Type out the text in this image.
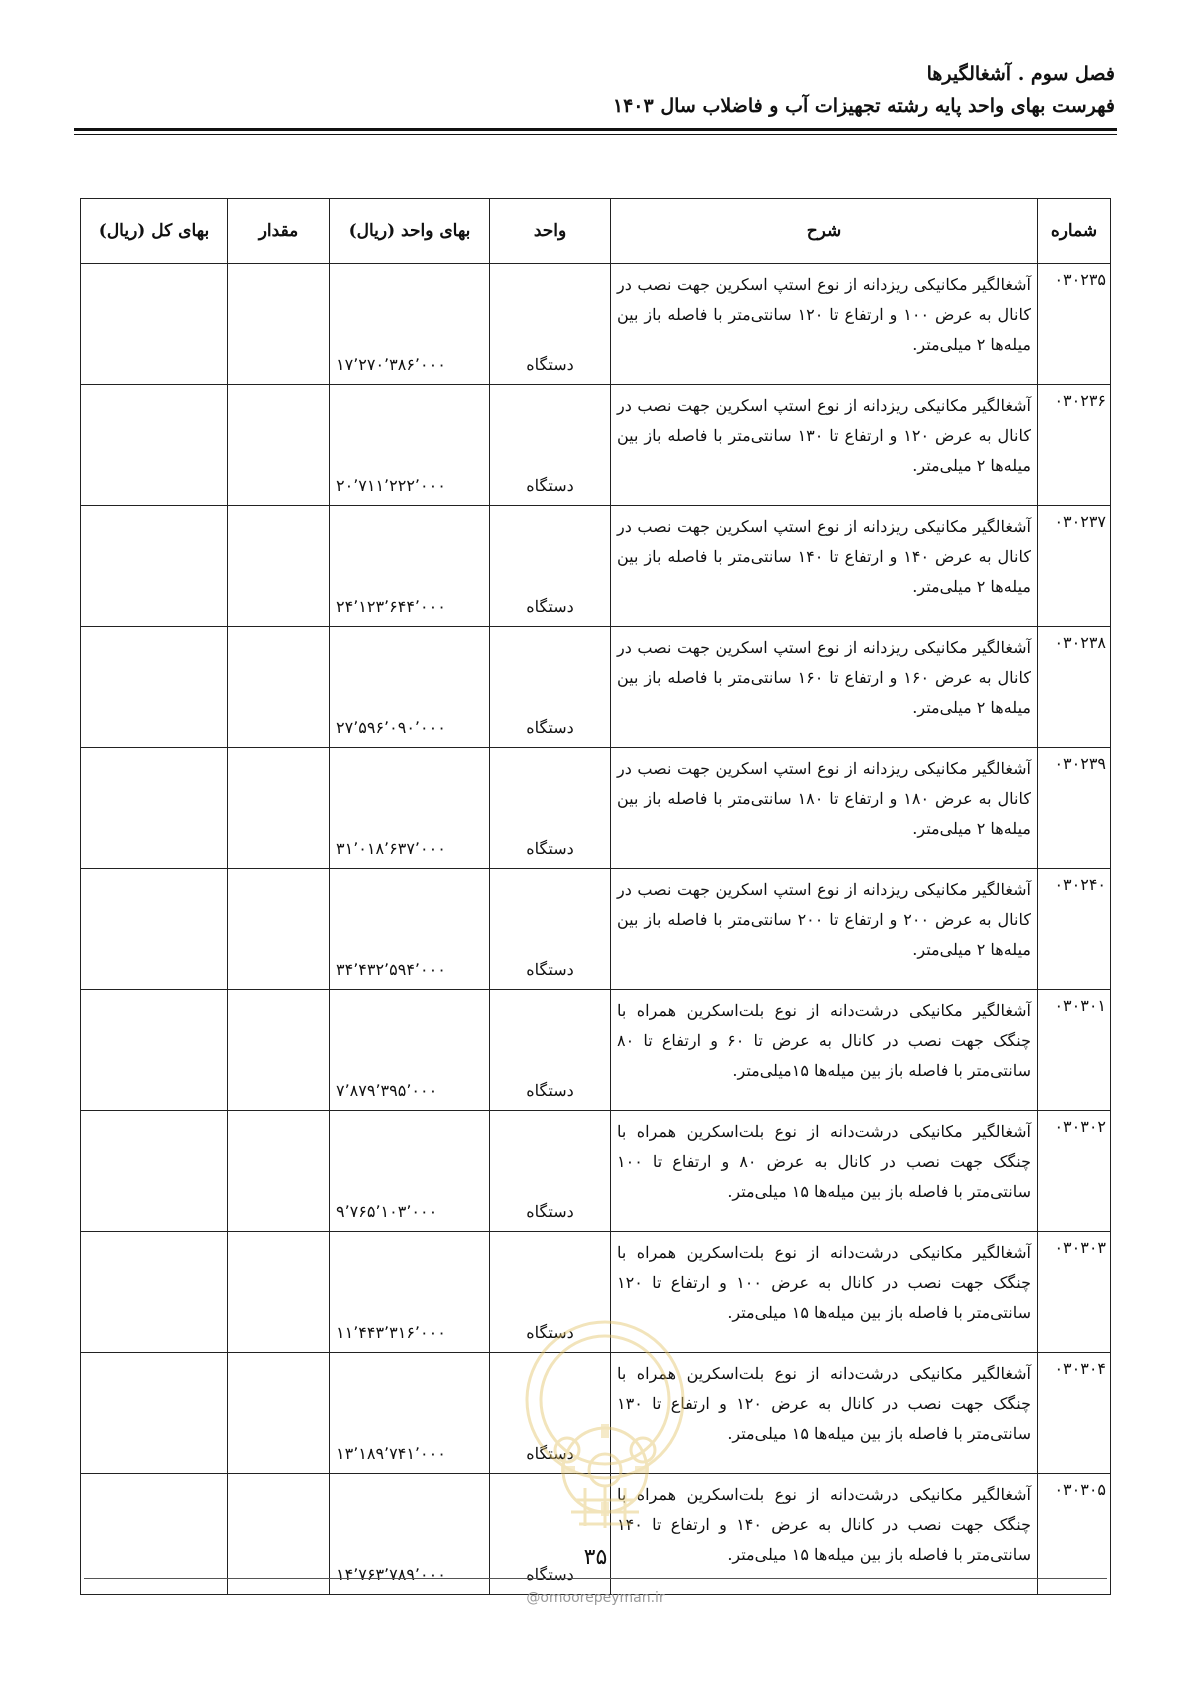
فصل سوم . آشغالگیرها
فهرست بهای واحد پایه رشته تجهیزات آب و فاضلاب سال ۱۴۰۳
شماره	شرح	واحد	بهای واحد (ریال)	مقدار	بهای کل (ریال)
۰۳۰۲۳۵	آشغالگیر مکانیکی ریزدانه از نوع استپ اسکرین جهت نصب در کانال به عرض ۱۰۰ و ارتفاع تا ۱۲۰ سانتی‌متر با فاصله باز بین میله‌ها ۲ میلی‌متر.	دستگاه	۱۷٬۲۷۰٬۳۸۶٬۰۰۰		
۰۳۰۲۳۶	آشغالگیر مکانیکی ریزدانه از نوع استپ اسکرین جهت نصب در کانال به عرض ۱۲۰ و ارتفاع تا ۱۳۰ سانتی‌متر با فاصله باز بین میله‌ها ۲ میلی‌متر.	دستگاه	۲۰٬۷۱۱٬۲۲۲٬۰۰۰		
۰۳۰۲۳۷	آشغالگیر مکانیکی ریزدانه از نوع استپ اسکرین جهت نصب در کانال به عرض ۱۴۰ و ارتفاع تا ۱۴۰ سانتی‌متر با فاصله باز بین میله‌ها ۲ میلی‌متر.	دستگاه	۲۴٬۱۲۳٬۶۴۴٬۰۰۰		
۰۳۰۲۳۸	آشغالگیر مکانیکی ریزدانه از نوع استپ اسکرین جهت نصب در کانال به عرض ۱۶۰ و ارتفاع تا ۱۶۰ سانتی‌متر با فاصله باز بین میله‌ها ۲ میلی‌متر.	دستگاه	۲۷٬۵۹۶٬۰۹۰٬۰۰۰		
۰۳۰۲۳۹	آشغالگیر مکانیکی ریزدانه از نوع استپ اسکرین جهت نصب در کانال به عرض ۱۸۰ و ارتفاع تا ۱۸۰ سانتی‌متر با فاصله باز بین میله‌ها ۲ میلی‌متر.	دستگاه	۳۱٬۰۱۸٬۶۳۷٬۰۰۰		
۰۳۰۲۴۰	آشغالگیر مکانیکی ریزدانه از نوع استپ اسکرین جهت نصب در کانال به عرض ۲۰۰ و ارتفاع تا ۲۰۰ سانتی‌متر با فاصله باز بین میله‌ها ۲ میلی‌متر.	دستگاه	۳۴٬۴۳۲٬۵۹۴٬۰۰۰		
۰۳۰۳۰۱	آشغالگیر مکانیکی درشت‌دانه از نوع بلت‌اسکرین همراه با چنگک جهت نصب در کانال به عرض تا ۶۰ و ارتفاع تا ۸۰ سانتی‌متر با فاصله باز بین میله‌ها ۱۵میلی‌متر.	دستگاه	۷٬۸۷۹٬۳۹۵٬۰۰۰		
۰۳۰۳۰۲	آشغالگیر مکانیکی درشت‌دانه از نوع بلت‌اسکرین همراه با چنگک جهت نصب در کانال به عرض ۸۰ و ارتفاع تا ۱۰۰ سانتی‌متر با فاصله باز بین میله‌ها ۱۵ میلی‌متر.	دستگاه	۹٬۷۶۵٬۱۰۳٬۰۰۰		
۰۳۰۳۰۳	آشغالگیر مکانیکی درشت‌دانه از نوع بلت‌اسکرین همراه با چنگک جهت نصب در کانال به عرض ۱۰۰ و ارتفاع تا ۱۲۰ سانتی‌متر با فاصله باز بین میله‌ها ۱۵ میلی‌متر.	دستگاه	۱۱٬۴۴۳٬۳۱۶٬۰۰۰		
۰۳۰۳۰۴	آشغالگیر مکانیکی درشت‌دانه از نوع بلت‌اسکرین همراه با چنگک جهت نصب در کانال به عرض ۱۲۰ و ارتفاع تا ۱۳۰ سانتی‌متر با فاصله باز بین میله‌ها ۱۵ میلی‌متر.	دستگاه	۱۳٬۱۸۹٬۷۴۱٬۰۰۰		
۰۳۰۳۰۵	آشغالگیر مکانیکی درشت‌دانه از نوع بلت‌اسکرین همراه با چنگک جهت نصب در کانال به عرض ۱۴۰ و ارتفاع تا ۱۴۰ سانتی‌متر با فاصله باز بین میله‌ها ۱۵ میلی‌متر.	دستگاه	۱۴٬۷۶۳٬۷۸۹٬۰۰۰		
۳۵
@omoorepeyman.ir
